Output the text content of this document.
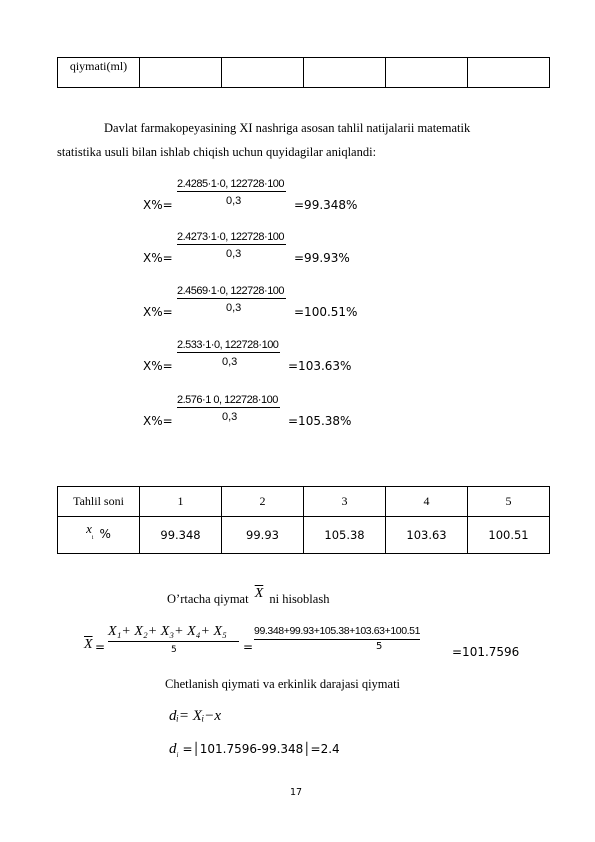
qiymati(ml)					
Davlat farmakopeyasining XI nashriga asosan tahlil natijalarii matematik
statistika usuli bilan ishlab chiqish uchun quyidagilar aniqlandi:
X%=
2.4285·1·0, 122728·100
0,3	=99.348%
X%=
2.4273·1·0, 122728·100
0,3	=99.93%
X%=
2.4569·1·0, 122728·100
0,3	=100.51%
X%=
2.533·1·0, 122728·100
0,3	=103.63%
X%=
2.576·1 0, 122728·100
0,3	=105.38%
Tahlil soni	1	2	3	4	5
$x_i$ %	99.348	99.93	105.38	103.63	100.51
O’rtacha qiymat $\overline{X}$ ni hisoblash
$\overline{X}$ =
X₁+ X₂+ X₃+ X₄+ X₅
5	=
99.348+99.93+105.38+103.63+100.51
5	=101.7596
Chetlanish qiymati va erkinlik darajasi qiymati
dᵢ= Xᵢ−x
$d_i$ =│101.7596-99.348│=2.4
17
